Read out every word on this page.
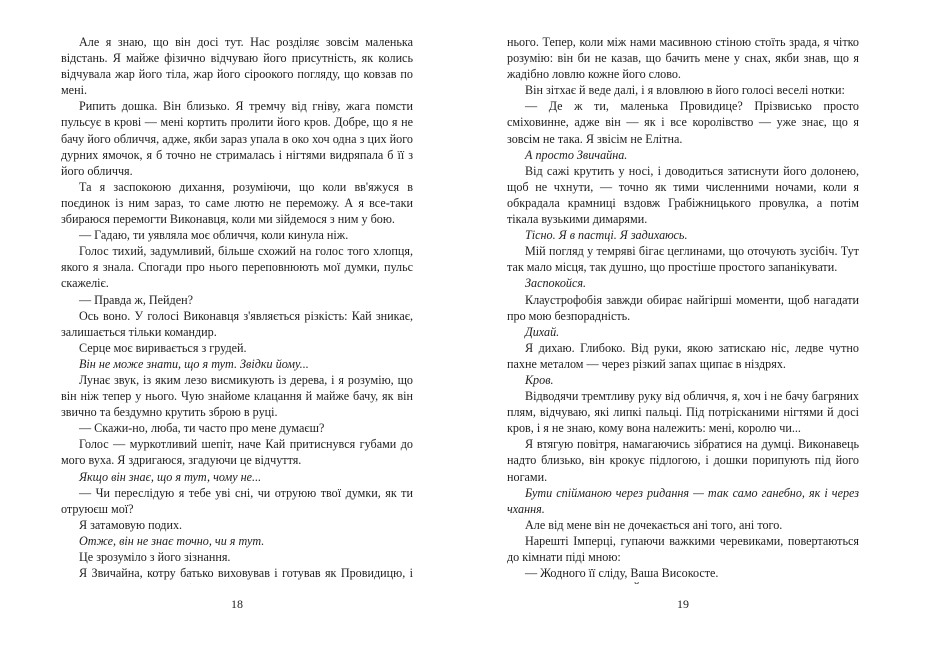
Але я знаю, що він досі тут. Нас розділяє зовсім маленька відстань. Я майже фізично відчуваю його присутність, як колись відчувала жар його тіла, жар його сіроокого погляду, що ковзав по мені.

Рипить дошка. Він близько. Я тремчу від гніву, жага помсти пульсує в крові — мені кортить пролити його кров. Добре, що я не бачу його обличчя, адже, якби зараз упала в око хоч одна з цих його дурних ямочок, я б точно не стрималась і нігтями видряпала б її з його обличчя.

Та я заспокоюю дихання, розуміючи, що коли вв'яжуся в поєдинок із ним зараз, то саме лютю не переможу. А я все-таки збираюся перемогти Виконавця, коли ми зійдемося з ним у бою.

— Гадаю, ти уявляла моє обличчя, коли кинула ніж.

Голос тихий, задумливий, більше схожий на голос того хлопця, якого я знала. Спогади про нього переповнюють мої думки, пульс скажеліє.

— Правда ж, Пейден?

Ось воно. У голосі Виконавця з'являється різкість: Кай зникає, залишається тільки командир.

Серце моє виривається з грудей.

Він не може знати, що я тут. Звідки йому...

Лунає звук, із яким лезо висмикують із дерева, і я розумію, що він ніж тепер у нього. Чую знайоме клацання й майже бачу, як він звично та бездумно крутить зброю в руці.

— Скажи-но, люба, ти часто про мене думаєш?

Голос — муркотливий шепіт, наче Кай притиснувся губами до мого вуха. Я здригаюся, згадуючи це відчуття.

Якщо він знає, що я тут, чому не...

— Чи переслідую я тебе уві сні, чи отруюю твої думки, як ти отруюєш мої?

Я затамовую подих.

Отже, він не знає точно, чи я тут.

Це зрозуміло з його зізнання.

Я Звичайна, котру батько виховував і готував як Провидицю, і

18

нього. Тепер, коли між нами масивною стіною стоїть зрада, я чітко розумію: він би не казав, що бачить мене у снах, якби знав, що я жадібно ловлю кожне його слово.

Він зітхає й веде далі, і я вловлюю в його голосі веселі нотки:

— Де ж ти, маленька Провидице? Прізвисько просто сміховинне, адже він — як і все королівство — уже знає, що я зовсім не така. Я звісім не Елітна.

А просто Звичайна.

Від сажі крутить у носі, і доводиться затиснути його долонею, щоб не чхнути, — точно як тими численними ночами, коли я обкрадала крамниці вздовж Грабіжницького провулка, а потім тікала вузькими димарями.

Тісно. Я в пастці. Я задихаюсь.

Мій погляд у темряві бігає цеглинами, що оточують зусібіч. Тут так мало місця, так душно, що простіше простого запанікувати.

Заспокойся.

Клаустрофобія завжди обирає найгірші моменти, щоб нагадати про мою безпорадність.

Дихай.

Я дихаю. Глибоко. Від руки, якою затискаю ніс, ледве чутно пахне металом — через різкий запах щипає в ніздрях.

Кров.

Відводячи тремтливу руку від обличчя, я, хоч і не бачу багряних плям, відчуваю, які липкі пальці. Під потрісканими нігтями й досі кров, і я не знаю, кому вона належить: мені, королю чи...

Я втягую повітря, намагаючись зібратися на думці. Виконавець надто близько, він крокує підлогою, і дошки порипують під його ногами.

Бути спійманою через ридання — так само ганебно, як і через чхання.

Але від мене він не дочекається ані того, ані того.

Нарешті Імперці, гупаючи важкими черевиками, повертаються до кімнати піді мною:

— Жодного її сліду, Ваша Високосте.

19
